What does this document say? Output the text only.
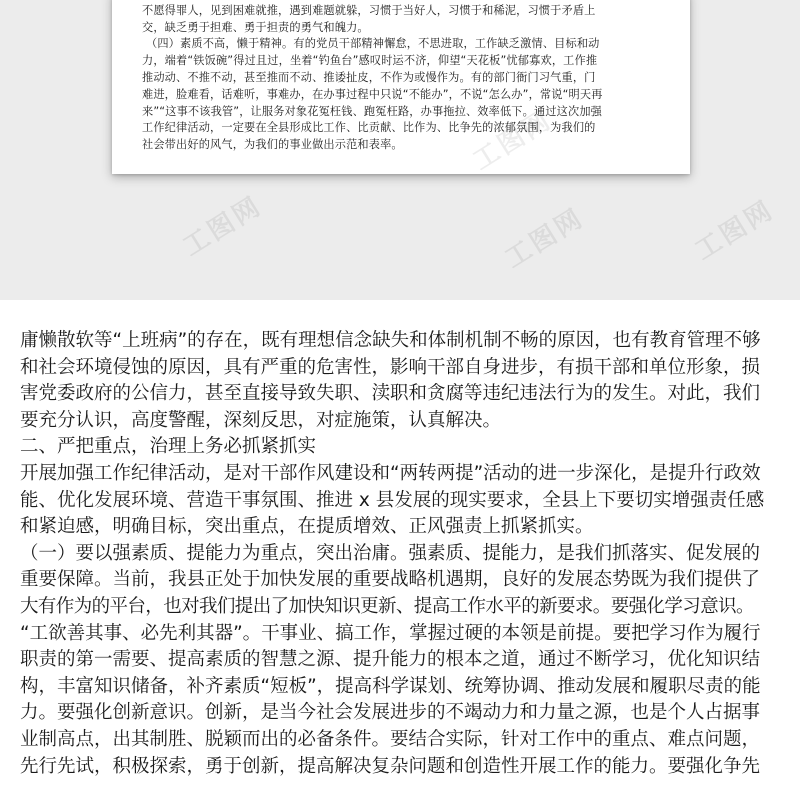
不愿得罪人，见到困难就推，遇到难题就躲，习惯于当好人，习惯于和稀泥，习惯于矛盾上
交，缺乏勇于担难、勇于担责的勇气和魄力。
（四）素质不高，懒于精神。有的党员干部精神懈怠，不思进取，工作缺乏激情、目标和动
力，端着“铁饭碗”得过且过，坐着“钓鱼台”感叹时运不济，仰望“天花板”忧郁寡欢，工作推
推动动、不推不动，甚至推而不动、推诿扯皮，不作为或慢作为。有的部门衙门习气重，门
难进，脸难看，话难听，事难办，在办事过程中只说“不能办”，不说“怎么办”，常说“明天再
来”“这事不该我管”，让服务对象花冤枉钱、跑冤枉路，办事拖拉、效率低下。通过这次加强
工作纪律活动，一定要在全县形成比工作、比贡献、比作为、比争先的浓郁氛围，为我们的
社会带出好的风气，为我们的事业做出示范和表率。
工图网
工图网
工图网	工图网
庸懒散软等“上班病”的存在，既有理想信念缺失和体制机制不畅的原因，也有教育管理不够
和社会环境侵蚀的原因，具有严重的危害性，影响干部自身进步，有损干部和单位形象，损
害党委政府的公信力，甚至直接导致失职、渎职和贪腐等违纪违法行为的发生。对此，我们
要充分认识，高度警醒，深刻反思，对症施策，认真解决。
二、严把重点，治理上务必抓紧抓实
开展加强工作纪律活动，是对干部作风建设和“两转两提”活动的进一步深化，是提升行政效
能、优化发展环境、营造干事氛围、推进 x 县发展的现实要求，全县上下要切实增强责任感
和紧迫感，明确目标，突出重点，在提质增效、正风强责上抓紧抓实。
（一）要以强素质、提能力为重点，突出治庸。强素质、提能力，是我们抓落实、促发展的
重要保障。当前，我县正处于加快发展的重要战略机遇期，良好的发展态势既为我们提供了
大有作为的平台，也对我们提出了加快知识更新、提高工作水平的新要求。要强化学习意识。
“工欲善其事、必先利其器”。干事业、搞工作，掌握过硬的本领是前提。要把学习作为履行
职责的第一需要、提高素质的智慧之源、提升能力的根本之道，通过不断学习，优化知识结
构，丰富知识储备，补齐素质“短板”，提高科学谋划、统筹协调、推动发展和履职尽责的能
力。要强化创新意识。创新，是当今社会发展进步的不竭动力和力量之源，也是个人占据事
业制高点，出其制胜、脱颖而出的必备条件。要结合实际，针对工作中的重点、难点问题，
先行先试，积极探索，勇于创新，提高解决复杂问题和创造性开展工作的能力。要强化争先
